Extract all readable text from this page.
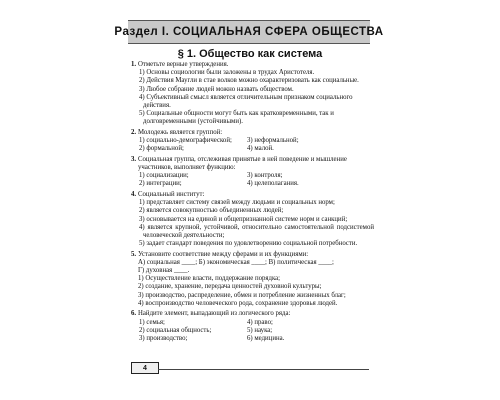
Раздел I. СОЦИАЛЬНАЯ СФЕРА ОБЩЕСТВА
§ 1. Общество как система
1. Отметьте верные утверждения.
1) Основы социологии были заложены в трудах Аристотеля.
2) Действия Маугли в стае волков можно охарактеризовать как социальные.
3) Любое собрание людей можно назвать обществом.
4) Субъективный смысл является отличительным признаком социального действия.
5) Социальные общности могут быть как кратковременными, так и долговременными (устойчивыми).
2. Молодежь является группой:
1) социально-демографической;	3) неформальной;
2) формальной;	4) малой.
3. Социальная группа, отслеживая принятые в ней поведение и мышление участников, выполняет функцию:
1) социализации;	3) контроля;
2) интеграции;	4) целеполагания.
4. Социальный институт:
1) представляет систему связей между людьми и социальных норм;
2) является совокупностью объединенных людей;
3) основывается на единой и общепризнанной системе норм и санкций;
4) является крупной, устойчивой, относительно самостоятельной подсистемой человеческой деятельности;
5) задает стандарт поведения по удовлетворению социальной потребности.
5. Установите соответствие между сферами и их функциями:
А) социальная ____; Б) экономическая ____; В) политическая ____;
Г) духовная ____.
1) Осуществление власти, поддержание порядка;
2) создание, хранение, передача ценностей духовной культуры;
3) производство, распределение, обмен и потребление жизненных благ;
4) воспроизводство человеческого рода, сохранение здоровья людей.
6. Найдите элемент, выпадающий из логического ряда:
1) семья;	4) право;
2) социальная общность;	5) наука;
3) производство;	6) медицина.
4
